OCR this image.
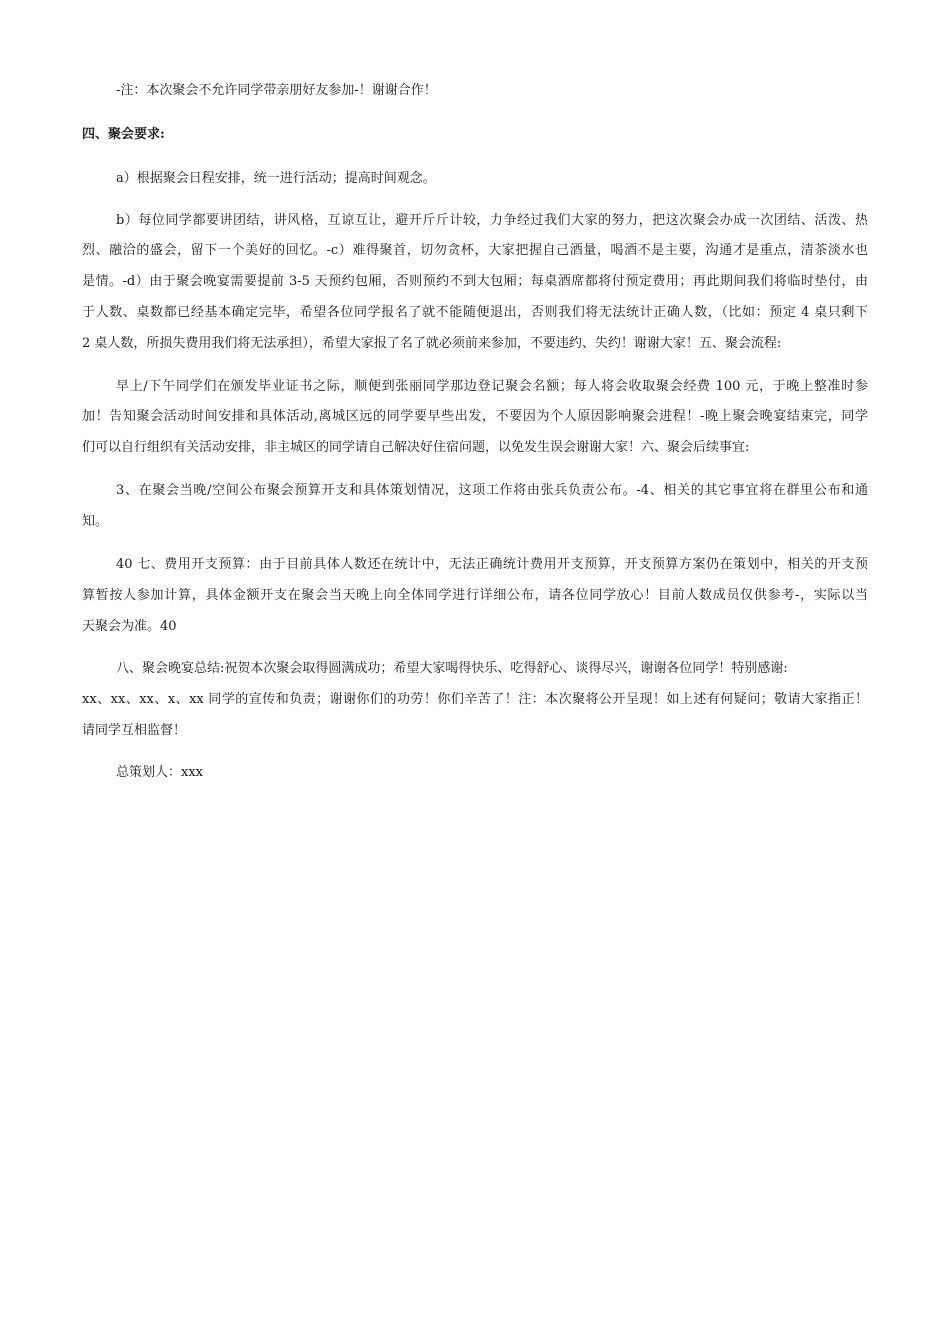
-注：本次聚会不允许同学带亲朋好友参加-！谢谢合作！
四、聚会要求:
a）根据聚会日程安排，统一进行活动；提高时间观念。
b）每位同学都要讲团结，讲风格，互谅互让，避开斤斤计较，力争经过我们大家的努力，把这次聚会办成一次团结、活泼、热
烈、融洽的盛会，留下一个美好的回忆。-c）难得聚首，切勿贪杯，大家把握自己酒量，喝酒不是主要，沟通才是重点，清茶淡水也
是情。-d）由于聚会晚宴需要提前 3-5 天预约包厢，否则预约不到大包厢；每桌酒席都将付预定费用；再此期间我们将临时垫付，由
于人数、桌数都已经基本确定完毕，希望各位同学报名了就不能随便退出，否则我们将无法统计正确人数，（比如：预定 4 桌只剩下
2 桌人数，所损失费用我们将无法承担），希望大家报了名了就必须前来参加，不要违约、失约！谢谢大家！五、聚会流程:
早上/下午同学们在颁发毕业证书之际，顺便到张丽同学那边登记聚会名额；每人将会收取聚会经费 100 元，于晚上整准时参
加！告知聚会活动时间安排和具体活动,离城区远的同学要早些出发，不要因为个人原因影响聚会进程！-晚上聚会晚宴结束完，同学
们可以自行组织有关活动安排，非主城区的同学请自己解决好住宿问题，以免发生误会谢谢大家！六、聚会后续事宜:
3、在聚会当晚/空间公布聚会预算开支和具体策划情况，这项工作将由张兵负责公布。-4、相关的其它事宜将在群里公布和通
知。
40 七、费用开支预算：由于目前具体人数还在统计中，无法正确统计费用开支预算，开支预算方案仍在策划中，相关的开支预
算暂按人参加计算，具体金额开支在聚会当天晚上向全体同学进行详细公布，请各位同学放心！目前人数成员仅供参考-，实际以当
天聚会为准。40
八、聚会晚宴总结:祝贺本次聚会取得圆满成功；希望大家喝得快乐、吃得舒心、谈得尽兴，谢谢各位同学！特别感谢:
xx、xx、xx、x、xx 同学的宣传和负责；谢谢你们的功劳！你们辛苦了！注：本次聚将公开呈现！如上述有何疑问；敬请大家指正！
请同学互相监督！
总策划人：xxx
